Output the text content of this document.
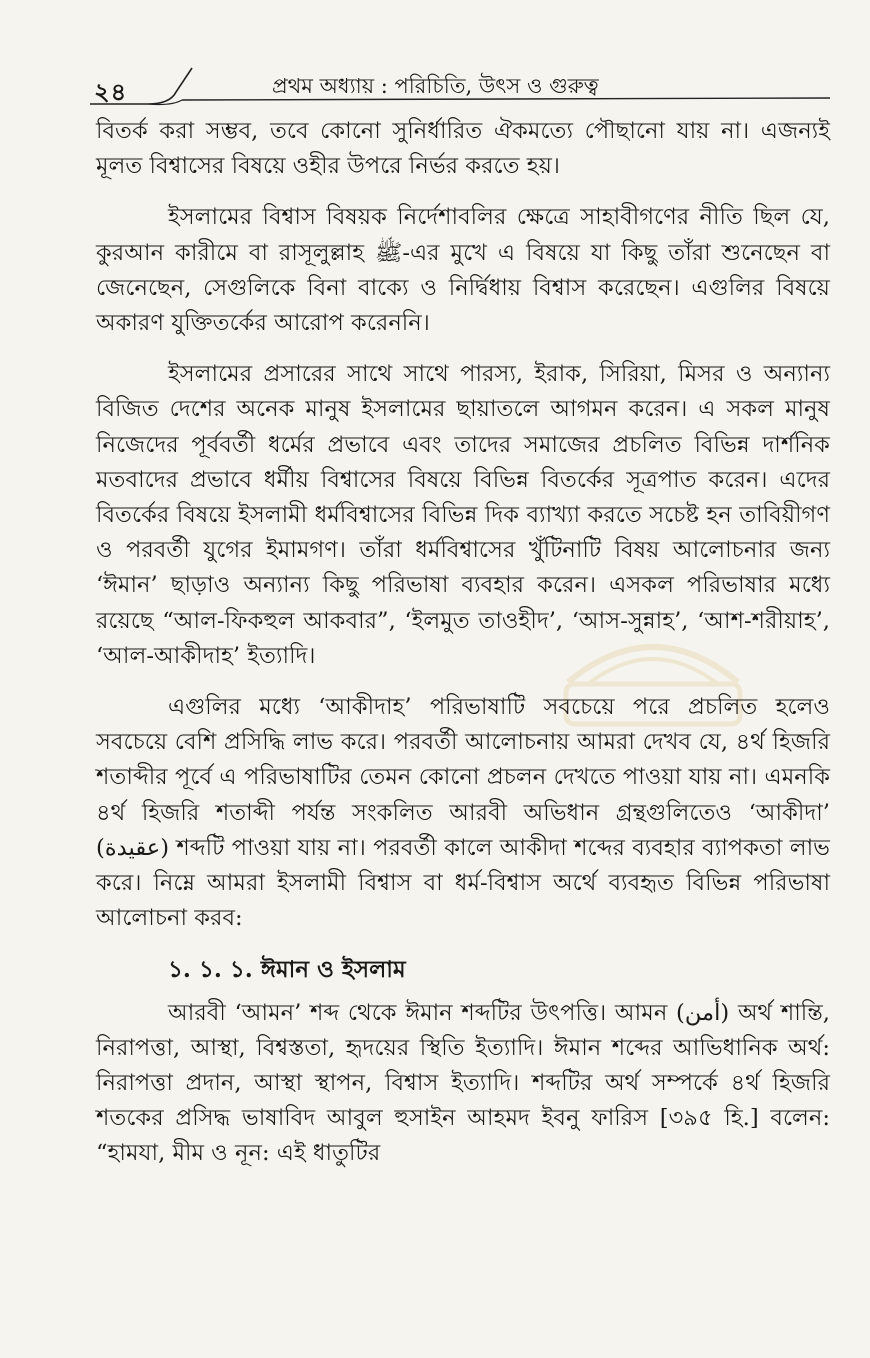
২৪	প্রথম অধ্যায় : পরিচিতি, উৎস ও গুরুত্ব

বিতর্ক করা সম্ভব, তবে কোনো সুনির্ধারিত ঐকমত্যে পৌছানো যায় না। এজন্যই মূলত বিশ্বাসের বিষয়ে ওহীর উপরে নির্ভর করতে হয়।

ইসলামের বিশ্বাস বিষয়ক নির্দেশাবলির ক্ষেত্রে সাহাবীগণের নীতি ছিল যে, কুরআন কারীমে বা রাসূলুল্লাহ ﷺ-এর মুখে এ বিষয়ে যা কিছু তাঁরা শুনেছেন বা জেনেছেন, সেগুলিকে বিনা বাক্যে ও নির্দ্বিধায় বিশ্বাস করেছেন। এগুলির বিষয়ে অকারণ যুক্তিতর্কের আরোপ করেননি।

ইসলামের প্রসারের সাথে সাথে পারস্য, ইরাক, সিরিয়া, মিসর ও অন্যান্য বিজিত দেশের অনেক মানুষ ইসলামের ছায়াতলে আগমন করেন। এ সকল মানুষ নিজেদের পূর্ববর্তী ধর্মের প্রভাবে এবং তাদের সমাজের প্রচলিত বিভিন্ন দার্শনিক মতবাদের প্রভাবে ধর্মীয় বিশ্বাসের বিষয়ে বিভিন্ন বিতর্কের সূত্রপাত করেন। এদের বিতর্কের বিষয়ে ইসলামী ধর্মবিশ্বাসের বিভিন্ন দিক ব্যাখ্যা করতে সচেষ্ট হন তাবিয়ীগণ ও পরবর্তী যুগের ইমামগণ। তাঁরা ধর্মবিশ্বাসের খুঁটিনাটি বিষয় আলোচনার জন্য ‘ঈমান’ ছাড়াও অন্যান্য কিছু পরিভাষা ব্যবহার করেন। এসকল পরিভাষার মধ্যে রয়েছে “আল-ফিকহুল আকবার”, ‘ইলমুত তাওহীদ’, ‘আস-সুন্নাহ’, ‘আশ-শরীয়াহ’, ‘আল-আকীদাহ’ ইত্যাদি।

এগুলির মধ্যে ‘আকীদাহ’ পরিভাষাটি সবচেয়ে পরে প্রচলিত হলেও সবচেয়ে বেশি প্রসিদ্ধি লাভ করে। পরবর্তী আলোচনায় আমরা দেখব যে, ৪র্থ হিজরি শতাব্দীর পূর্বে এ পরিভাষাটির তেমন কোনো প্রচলন দেখতে পাওয়া যায় না। এমনকি ৪র্থ হিজরি শতাব্দী পর্যন্ত সংকলিত আরবী অভিধান গ্রন্থগুলিতেও ‘আকীদা’ (عقيدة) শব্দটি পাওয়া যায় না। পরবর্তী কালে আকীদা শব্দের ব্যবহার ব্যাপকতা লাভ করে। নিম্নে আমরা ইসলামী বিশ্বাস বা ধর্ম-বিশ্বাস অর্থে ব্যবহৃত বিভিন্ন পরিভাষা আলোচনা করব:

১. ১. ১. ঈমান ও ইসলাম

আরবী ‘আমন’ শব্দ থেকে ঈমান শব্দটির উৎপত্তি। আমন (أمن) অর্থ শান্তি, নিরাপত্তা, আস্থা, বিশ্বস্ততা, হৃদয়ের স্থিতি ইত্যাদি। ঈমান শব্দের আভিধানিক অর্থ: নিরাপত্তা প্রদান, আস্থা স্থাপন, বিশ্বাস ইত্যাদি। শব্দটির অর্থ সম্পর্কে ৪র্থ হিজরি শতকের প্রসিদ্ধ ভাষাবিদ আবুল হুসাইন আহমদ ইবনু ফারিস [৩৯৫ হি.] বলেন: “হামযা, মীম ও নূন: এই ধাতুটির
